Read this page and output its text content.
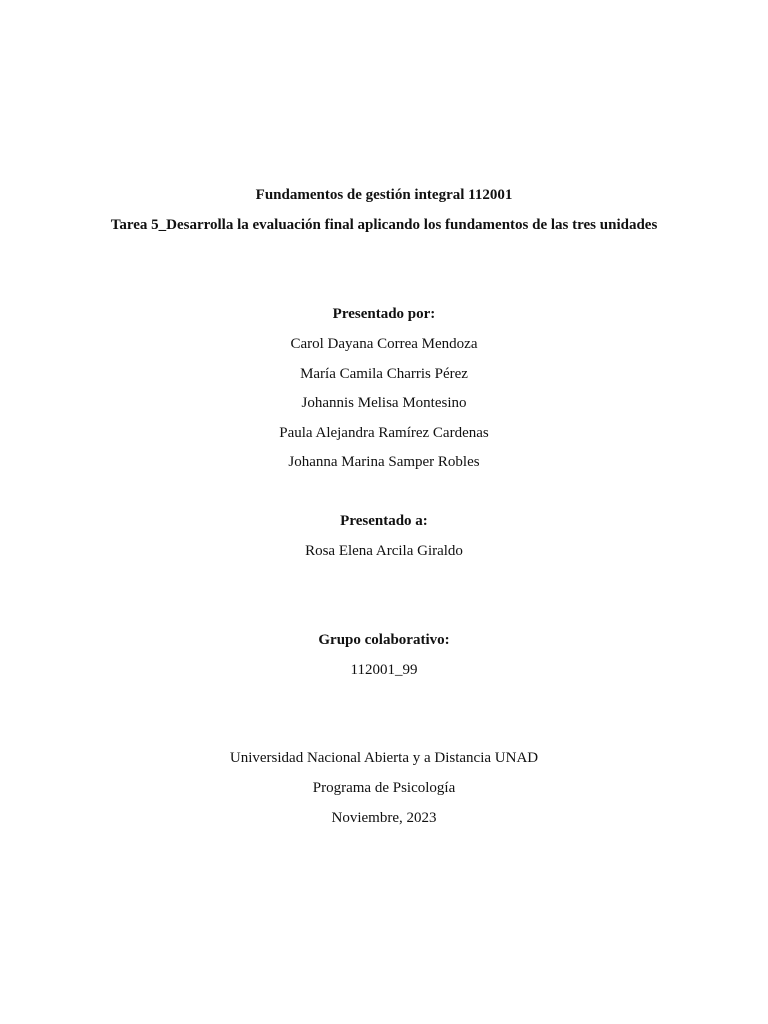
Fundamentos de gestión integral 112001
Tarea 5_Desarrolla la evaluación final aplicando los fundamentos de las tres unidades
Presentado por:
Carol Dayana Correa Mendoza
María Camila Charris Pérez
Johannis Melisa Montesino
Paula Alejandra Ramírez Cardenas
Johanna Marina Samper Robles
Presentado a:
Rosa Elena Arcila Giraldo
Grupo colaborativo:
112001_99
Universidad Nacional Abierta y a Distancia UNAD
Programa de Psicología
Noviembre, 2023
